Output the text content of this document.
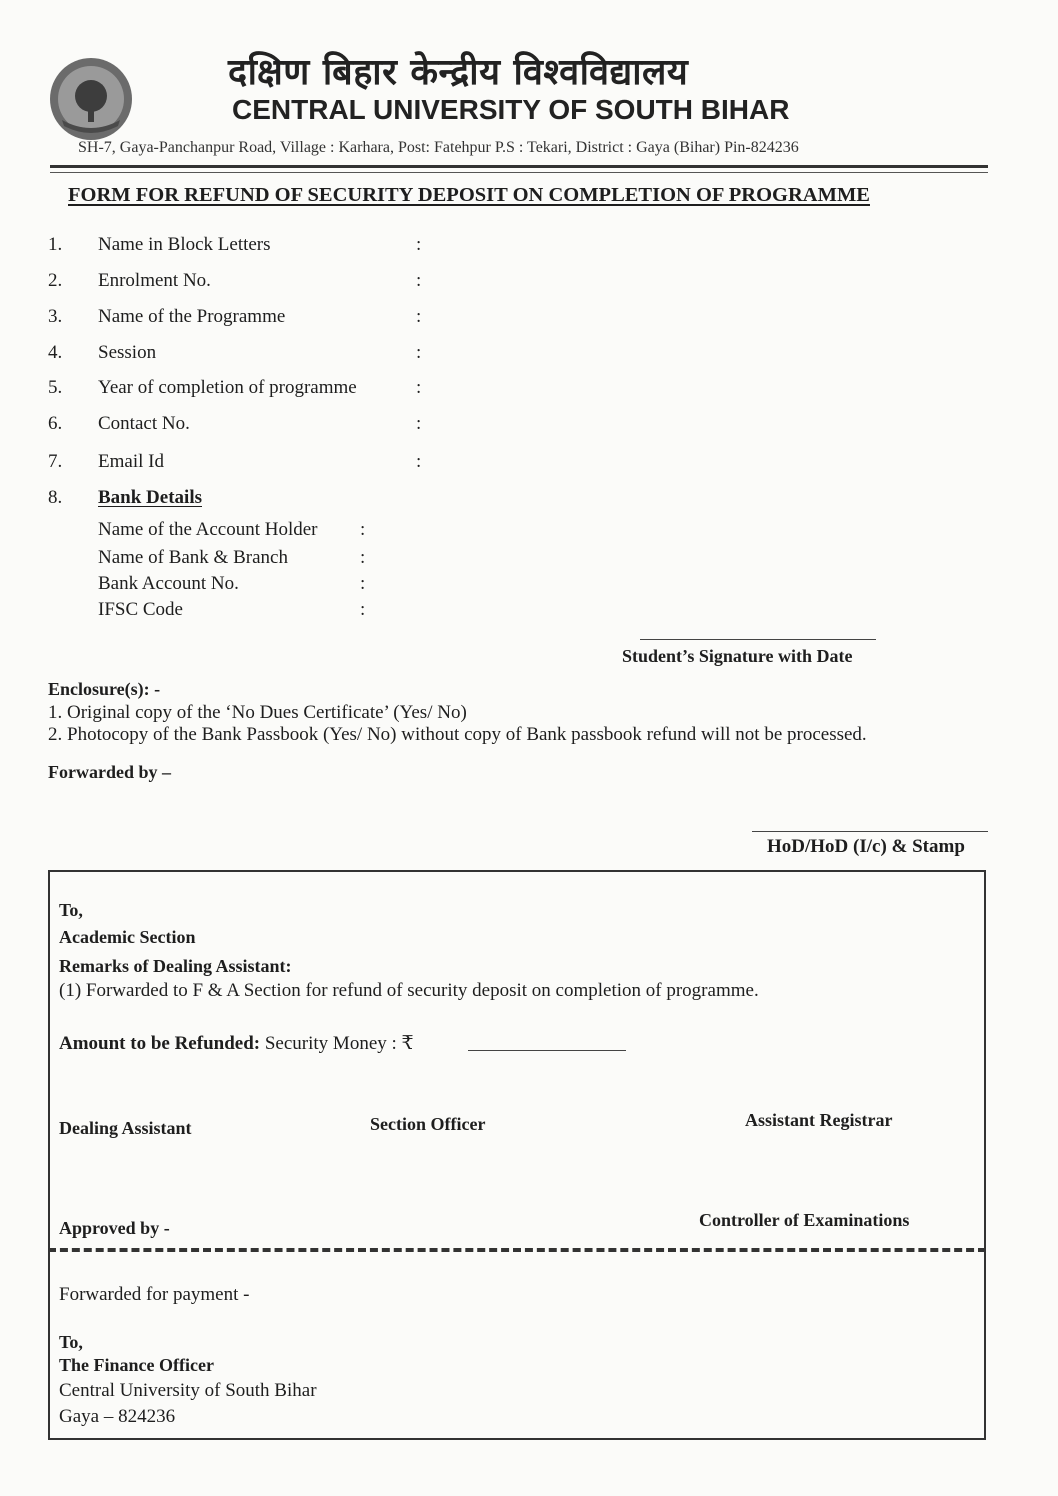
दक्षिण बिहार केन्द्रीय विश्वविद्यालय
CENTRAL UNIVERSITY OF SOUTH BIHAR
SH-7, Gaya-Panchanpur Road, Village : Karhara, Post: Fatehpur P.S : Tekari, District : Gaya (Bihar) Pin-824236
FORM FOR REFUND OF SECURITY DEPOSIT ON COMPLETION OF PROGRAMME
1. Name in Block Letters	:
2. Enrolment No.	:
3. Name of the Programme	:
4. Session	:
5. Year of completion of programme	:
6. Contact No.	:
7. Email Id	:
8. Bank Details
Name of the Account Holder :
Name of Bank & Branch	:
Bank Account No.	:
IFSC Code	:
Student’s Signature with Date
Enclosure(s): -
1. Original copy of the ‘No Dues Certificate’ (Yes/ No)
2. Photocopy of the Bank Passbook (Yes/ No) without copy of Bank passbook refund will not be processed.
Forwarded by –
HoD/HoD (I/c) & Stamp
To,
Academic Section
Remarks of Dealing Assistant:
(1) Forwarded to F & A Section for refund of security deposit on completion of programme.
Amount to be Refunded: Security Money : ₹
Dealing Assistant	Section Officer	Assistant Registrar
Approved by -	Controller of Examinations
Forwarded for payment -
To,
The Finance Officer
Central University of South Bihar
Gaya – 824236
